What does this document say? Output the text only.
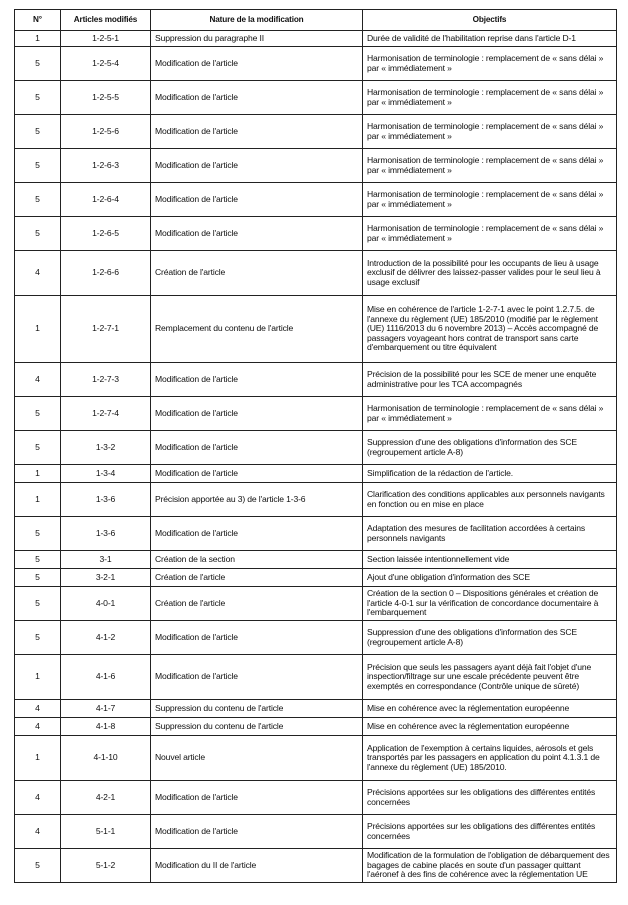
N°	Articles modifiés	Nature de la modification	Objectifs
1	1-2-5-1	Suppression du paragraphe II	Durée de validité de l'habilitation reprise dans l'article D-1
5	1-2-5-4	Modification de l'article	Harmonisation de terminologie : remplacement de « sans délai » par « immédiatement »
5	1-2-5-5	Modification de l'article	Harmonisation de terminologie : remplacement de « sans délai » par « immédiatement »
5	1-2-5-6	Modification de l'article	Harmonisation de terminologie : remplacement de « sans délai » par « immédiatement »
5	1-2-6-3	Modification de l'article	Harmonisation de terminologie : remplacement de « sans délai » par « immédiatement »
5	1-2-6-4	Modification de l'article	Harmonisation de terminologie : remplacement de « sans délai » par « immédiatement »
5	1-2-6-5	Modification de l'article	Harmonisation de terminologie : remplacement de « sans délai » par « immédiatement »
4	1-2-6-6	Création de l'article	Introduction de la possibilité pour les occupants de lieu à usage exclusif de délivrer des laissez-passer valides pour le seul lieu à usage exclusif
1	1-2-7-1	Remplacement du contenu de l'article	Mise en cohérence de l'article 1-2-7-1 avec le point 1.2.7.5. de l'annexe du règlement (UE) 185/2010 (modifié par le règlement (UE) 1116/2013 du 6 novembre 2013) – Accès accompagné de passagers voyageant hors contrat de transport sans carte d'embarquement ou titre équivalent
4	1-2-7-3	Modification de l'article	Précision de la possibilité pour les SCE de mener une enquête administrative pour les TCA accompagnés
5	1-2-7-4	Modification de l'article	Harmonisation de terminologie : remplacement de « sans délai » par « immédiatement »
5	1-3-2	Modification de l'article	Suppression d'une des obligations d'information des SCE (regroupement article A-8)
1	1-3-4	Modification de l'article	Simplification de la rédaction de l'article.
1	1-3-6	Précision apportée au 3) de l'article 1-3-6	Clarification des conditions applicables aux personnels navigants en fonction ou en mise en place
5	1-3-6	Modification de l'article	Adaptation des mesures de facilitation accordées à certains personnels navigants
5	3-1	Création de la section	Section laissée intentionnellement vide
5	3-2-1	Création de l'article	Ajout d'une obligation d'information des SCE
5	4-0-1	Création de l'article	Création de la section 0 – Dispositions générales et création de l'article 4-0-1 sur la vérification de concordance documentaire à l'embarquement
5	4-1-2	Modification de l'article	Suppression d'une des obligations d'information des SCE (regroupement article A-8)
1	4-1-6	Modification de l'article	Précision que seuls les passagers ayant déjà fait l'objet d'une inspection/filtrage sur une escale précédente peuvent être exemptés en correspondance (Contrôle unique de sûreté)
4	4-1-7	Suppression du contenu de l'article	Mise en cohérence avec la réglementation européenne
4	4-1-8	Suppression du contenu de l'article	Mise en cohérence avec la réglementation européenne
1	4-1-10	Nouvel article	Application de l'exemption à certains liquides, aérosols et gels transportés par les passagers en application du point 4.1.3.1 de l'annexe du règlement (UE) 185/2010.
4	4-2-1	Modification de l'article	Précisions apportées sur les obligations des différentes entités concernées
4	5-1-1	Modification de l'article	Précisions apportées sur les obligations des différentes entités concernées
5	5-1-2	Modification du II de l'article	Modification de la formulation de l'obligation de débarquement des bagages de cabine placés en soute d'un passager quittant l'aéronef à des fins de cohérence avec la réglementation UE
